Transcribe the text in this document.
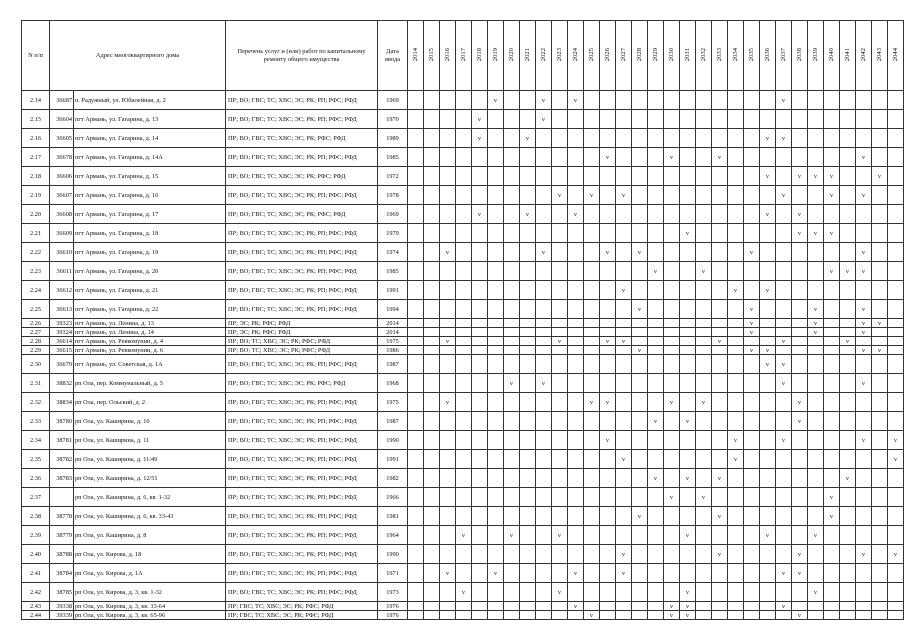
N п/п	Адрес многоквартирного дома		Перечень услуг и (или) работ по капитальному ремонту общего имущества	Дата ввода	2014	2015	2016	2017	2018	2019	2020	2021	2022	2023	2024	2025	2026	2027	2028	2029	2030	2031	2032	2033	2034	2035	2036	2037	2038	2039	2040	2041	2042	2043	2044
2.14	36687	п. Радужный, ул. Юбилейная, д. 2	ПР; ВО; ГВС; ТС; ХВС; ЭС; РК; РП; РФС; РФД	1969						v			v		v													v							
2.15	36604	пгт Армань, ул. Гагарина, д. 13	ПР; ВО; ГВС; ТС; ХВС; ЭС; РК; РП; РФС; РФД	1970					v				v																						
2.16	36605	пгт Армань, ул. Гагарина, д. 14	ПР; ВО; ГВС; ТС; ХВС; ЭС; РК; РФС; РФД	1989					v			v															v	v							
2.17	36678	пгт Армань, ул. Гагарина, д. 14А	ПР; ВО; ГВС; ТС; ХВС; ЭС; РК; РП; РФС; РФД	1985													v				v			v									v		
2.18	36606	пгт Армань, ул. Гагарина, д. 15	ПР; ВО; ГВС; ТС; ХВС; ЭС; РК; РФС; РФД	1972																							v		v	v	v			v	
2.19	36607	пгт Армань, ул. Гагарина, д. 16	ПР; ВО; ГВС; ТС; ХВС; ЭС; РК; РП; РФС; РФД	1978										v		v		v										v			v		v		
2.20	36608	пгт Армань, ул. Гагарина, д. 17	ПР; ВО; ГВС; ТС; ХВС; ЭС; РК; РФС; РФД	1969					v			v			v												v		v						
2.21	36609	пгт Армань, ул. Гагарина, д. 18	ПР; ВО; ГВС; ТС; ХВС; ЭС; РК; РП; РФС; РФД	1979																		v							v	v	v				
2.22	36610	пгт Армань, ул. Гагарина, д. 19	ПР; ВО; ГВС; ТС; ХВС; ЭС; РК; РП; РФС; РФД	1974			v						v				v		v							v							v		
2.23	36611	пгт Армань, ул. Гагарина, д. 20	ПР; ВО; ГВС; ТС; ХВС; ЭС; РК; РП; РФС; РФД	1985																v			v								v	v	v		
2.24	36612	пгт Армань, ул. Гагарина, д. 21	ПР; ВО; ГВС; ТС; ХВС; ЭС; РК; РП; РФС; РФД	1991														v							v		v								
2.25	36613	пгт Армань, ул. Гагарина, д. 22	ПР; ВО; ГВС; ТС; ХВС; ЭС; РК; РП; РФС; РФД	1994															v							v				v			v		
2.26	39323	пгт Армань, ул. Ленина, д. 13	ПР; ЭС; РК; РФС; РФД	2014																						v				v			v	v	
2.27	39324	пгт Армань, ул. Ленина, д. 14	ПР; ЭС; РК; РФС; РФД	2014																						v				v			v		
2.28	36614	пгт Армань, ул. Ревкомунии, д. 4	ПР; ВО; ТС; ХВС; ЭС; РК; РФС; РФД	1975			v							v			v	v						v				v				v			
2.29	36615	пгт Армань, ул. Ревкомунии, д. 6	ПР; ВО; ТС; ХВС; ЭС; РК; РФС; РФД	1986															v							v	v						v	v	
2.30	36679	пгт Армань, ул. Советская, д. 1А	ПР; ВО; ГВС; ТС; ХВС; ЭС; РК; РП; РФС; РФД	1987																							v	v							
2.31	38832	рп Ола, пер. Коммунальный, д. 5	ПР; ВО; ГВС; ТС; ХВС; ЭС; РК; РФС; РФД	1968							v		v															v					v		
2.32	38834	рп Ола, пер. Ольский, д. 2	ПР; ВО; ГВС; ТС; ХВС; ЭС; РК; РП; РФС; РФД	1975			v									v	v				v		v						v						
2.33	38780	рп Ола, ул. Каширина, д. 10	ПР; ВО; ГВС; ТС; ХВС; ЭС; РК; РП; РФС; РФД	1987																v		v							v						
2.34	38781	рп Ола, ул. Каширина, д. 11	ПР; ВО; ГВС; ТС; ХВС; ЭС; РК; РП; РФС; РФД	1990													v								v			v					v		v
2.35	38782	рп Ола, ул. Каширина, д. 11/49	ПР; ВО; ГВС; ТС; ХВС; ЭС; РК; РП; РФС; РФД	1991														v							v										v
2.36	38783	рп Ола, ул. Каширина, д. 12/51	ПР; ВО; ГВС; ТС; ХВС; ЭС; РК; РП; РФС; РФД	1982																v		v		v								v			
2.37		рп Ола, ул. Каширина, д. 6, кв. 1-32	ПР; ВО; ГВС; ТС; ХВС; ЭС; РК; РП; РФС; РФД	1966																	v		v								v				
2.38	38778	рп Ола, ул. Каширина, д. 6, кв. 33-43	ПР; ВО; ГВС; ТС; ХВС; ЭС; РК; РП; РФС; РФД	1981															v					v							v				
2.39	38779	рп Ола, ул. Каширина, д. 8	ПР; ВО; ГВС; ТС; ХВС; ЭС; РК; РП; РФС; РФД	1964				v			v			v								v					v			v					
2.40	38788	рп Ола, ул. Кирова, д. 18	ПР; ВО; ГВС; ТС; ХВС; ЭС; РК; РП; РФС; РФД	1990														v						v					v				v		v
2.41	38784	рп Ола, ул. Кирова, д. 1А	ПР; ВО; ГВС; ТС; ХВС; ЭС; РК; РП; РФС; РФД	1971			v			v					v			v										v	v						
2.42	38785	рп Ола, ул. Кирова, д. 3, кв. 1-32	ПР; ВО; ГВС; ТС; ХВС; ЭС; РК; РП; РФС; РФД	1973				v						v								v								v					
2.43	39338	рп Ола, ул. Кирова, д. 3, кв. 33-64	ПР; ГВС; ТС; ХВС; ЭС; РК; РФС; РФД	1976											v						v	v						v							
2.44	39339	рп Ола, ул. Кирова, д. 3, кв. 65-96	ПР; ГВС; ТС; ХВС; ЭС; РК; РФС; РФД	1976												v					v	v							v						
